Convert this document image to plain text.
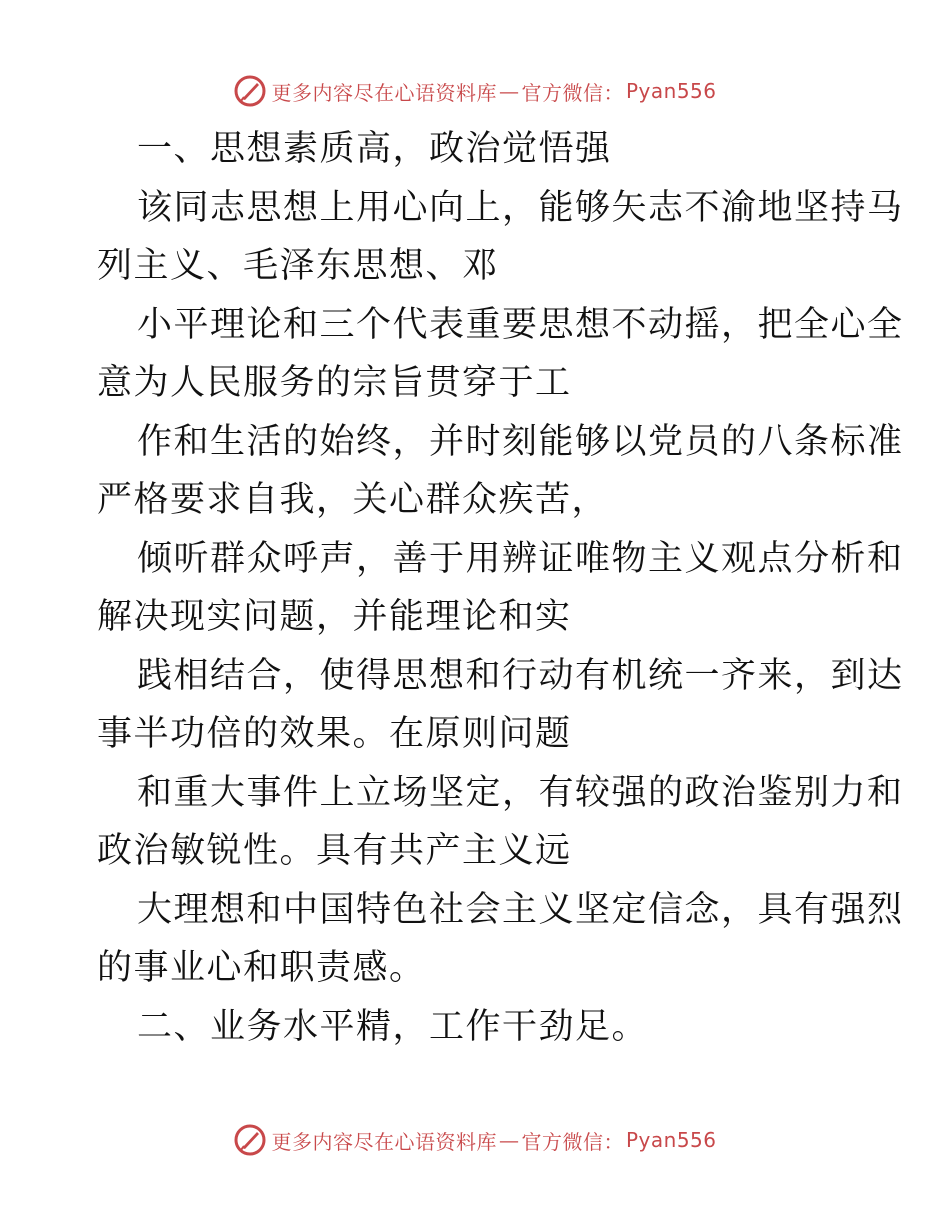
更多内容尽在心语资料库 — 官方微信： Pyan556

一、思想素质高，政治觉悟强

该同志思想上用心向上，能够矢志不渝地坚持马

列主义、毛泽东思想、邓

小平理论和三个代表重要思想不动摇，把全心全

意为人民服务的宗旨贯穿于工

作和生活的始终，并时刻能够以党员的八条标准

严格要求自我，关心群众疾苦，

倾听群众呼声，善于用辨证唯物主义观点分析和

解决现实问题，并能理论和实

践相结合，使得思想和行动有机统一齐来，到达

事半功倍的效果。在原则问题

和重大事件上立场坚定，有较强的政治鉴别力和

政治敏锐性。具有共产主义远

大理想和中国特色社会主义坚定信念，具有强烈

的事业心和职责感。

二、业务水平精，工作干劲足。

更多内容尽在心语资料库 — 官方微信： Pyan556
